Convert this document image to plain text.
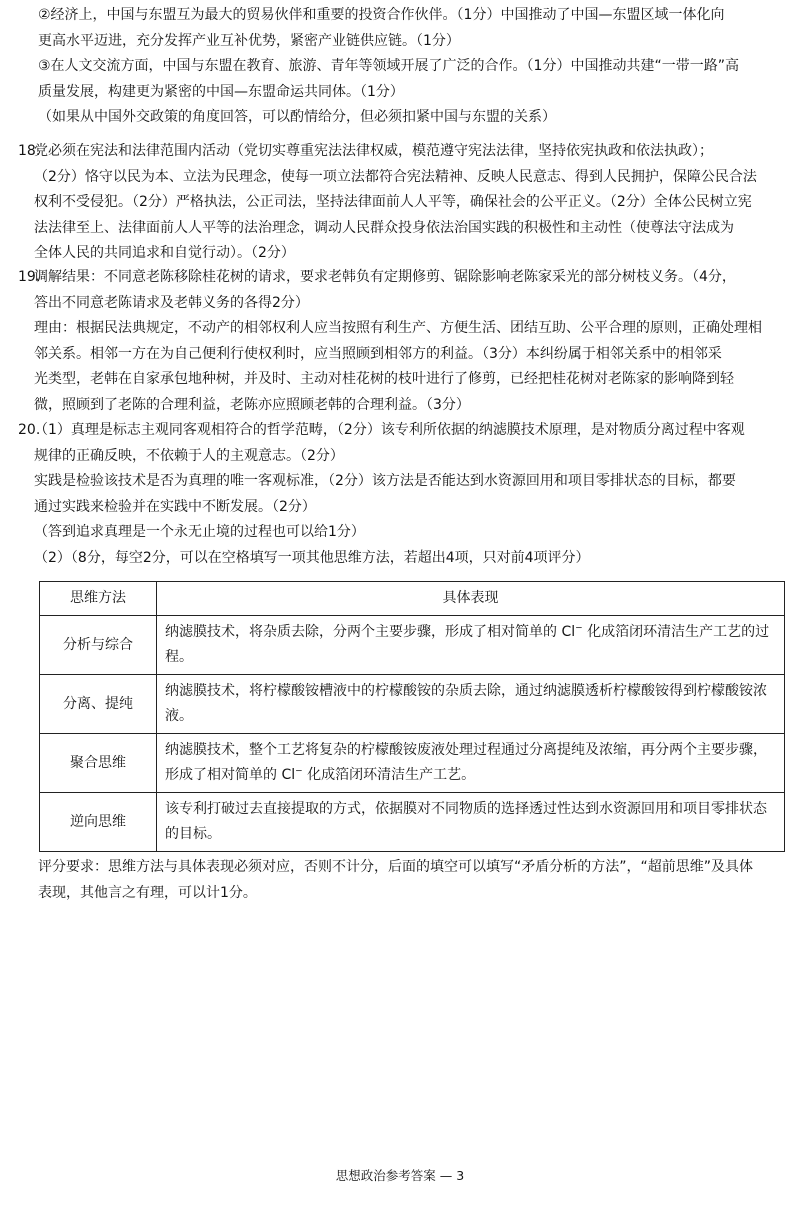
②经济上，中国与东盟互为最大的贸易伙伴和重要的投资合作伙伴。（1分）中国推动了中国—东盟区域一体化向
更高水平迈进，充分发挥产业互补优势，紧密产业链供应链。（1分）
③在人文交流方面，中国与东盟在教育、旅游、青年等领域开展了广泛的合作。（1分）中国推动共建“一带一路”高
质量发展，构建更为紧密的中国—东盟命运共同体。（1分）
（如果从中国外交政策的角度回答，可以酌情给分，但必须扣紧中国与东盟的关系）
18.党必须在宪法和法律范围内活动（党切实尊重宪法法律权威，模范遵守宪法法律，坚持依宪执政和依法执政）；
（2分）恪守以民为本、立法为民理念，使每一项立法都符合宪法精神、反映人民意志、得到人民拥护，保障公民合法
权利不受侵犯。（2分）严格执法，公正司法，坚持法律面前人人平等，确保社会的公平正义。（2分）全体公民树立宪
法法律至上、法律面前人人平等的法治理念，调动人民群众投身依法治国实践的积极性和主动性（使尊法守法成为
全体人民的共同追求和自觉行动）。（2分）
19.调解结果：不同意老陈移除桂花树的请求，要求老韩负有定期修剪、锯除影响老陈家采光的部分树枝义务。（4分，
答出不同意老陈请求及老韩义务的各得2分）
理由：根据民法典规定，不动产的相邻权利人应当按照有利生产、方便生活、团结互助、公平合理的原则，正确处理相
邻关系。相邻一方在为自己便利行使权利时，应当照顾到相邻方的利益。（3分）本纠纷属于相邻关系中的相邻采
光类型，老韩在自家承包地种树，并及时、主动对桂花树的枝叶进行了修剪，已经把桂花树对老陈家的影响降到轻
微，照顾到了老陈的合理利益，老陈亦应照顾老韩的合理利益。（3分）
20.（1）真理是标志主观同客观相符合的哲学范畴，（2分）该专利所依据的纳滤膜技术原理，是对物质分离过程中客观
规律的正确反映，不依赖于人的主观意志。（2分）
实践是检验该技术是否为真理的唯一客观标准，（2分）该方法是否能达到水资源回用和项目零排状态的目标，都要
通过实践来检验并在实践中不断发展。（2分）
（答到追求真理是一个永无止境的过程也可以给1分）
（2）（8分，每空2分，可以在空格填写一项其他思维方法，若超出4项，只对前4项评分）
思维方法	具体表现
分析与综合	纳滤膜技术，将杂质去除，分两个主要步骤，形成了相对简单的 Cl− 化成箔闭环清洁生产工艺的过程。
分离、提纯	纳滤膜技术，将柠檬酸铵槽液中的柠檬酸铵的杂质去除，通过纳滤膜透析柠檬酸铵得到柠檬酸铵浓液。
聚合思维	纳滤膜技术，整个工艺将复杂的柠檬酸铵废液处理过程通过分离提纯及浓缩，再分两个主要步骤，形成了相对简单的 Cl− 化成箔闭环清洁生产工艺。
逆向思维	该专利打破过去直接提取的方式，依据膜对不同物质的选择透过性达到水资源回用和项目零排状态的目标。
评分要求：思维方法与具体表现必须对应，否则不计分，后面的填空可以填写“矛盾分析的方法”，“超前思维”及具体
表现，其他言之有理，可以计1分。
思想政治参考答案 — 3
